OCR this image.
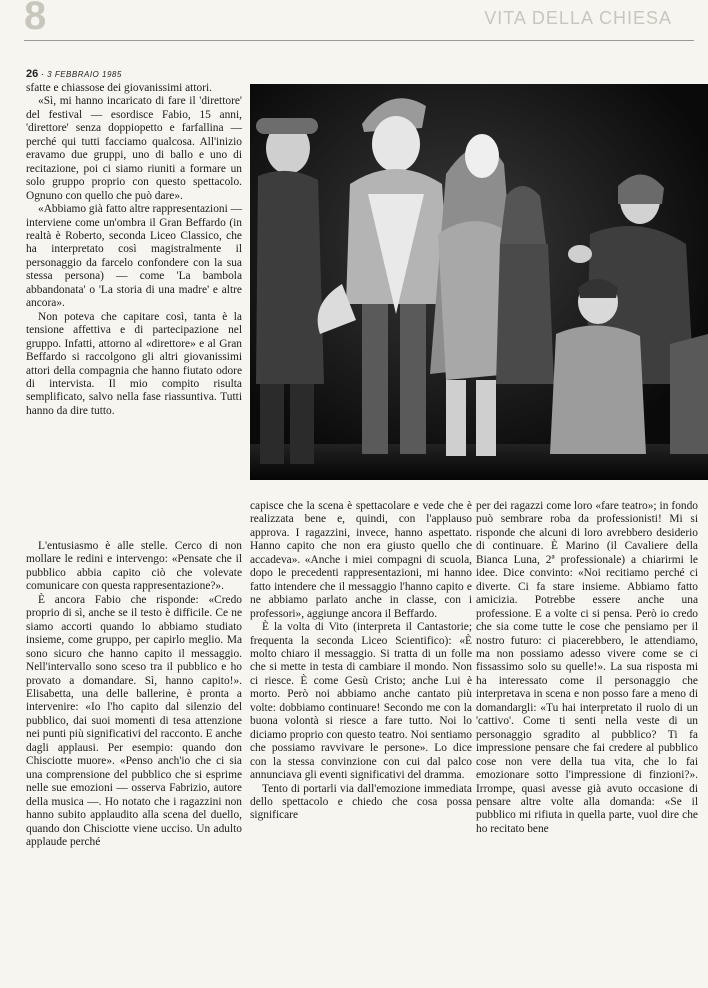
8	VITA DELLA CHIESA
26 · 3 FEBBRAIO 1985

sfatte e chiassose dei giovanissimi attori.

«Sì, mi hanno incaricato di fare il 'direttore' del festival — esordisce Fabio, 15 anni, 'direttore' senza doppiopetto e farfallina — perché qui tutti facciamo qualcosa. All'inizio eravamo due gruppi, uno di ballo e uno di recitazione, poi ci siamo riuniti a formare un solo gruppo proprio con questo spettacolo. Ognuno con quello che può dare».

«Abbiamo già fatto altre rappresentazioni — interviene come un'ombra il Gran Beffardo (in realtà è Roberto, seconda Liceo Classico, che ha interpretato così magistralmente il personaggio da farcelo confondere con la sua stessa persona) — come 'La bambola abbandonata' o 'La storia di una madre' e altre ancora».

Non poteva che capitare così, tanta è la tensione affettiva e di partecipazione nel gruppo. Infatti, attorno al «direttore» e al Gran Beffardo si raccolgono gli altri giovanissimi attori della compagnia che hanno fiutato odore di intervista. Il mio compito risulta semplificato, salvo nella fase riassuntiva. Tutti hanno da dire tutto.

L'entusiasmo è alle stelle. Cerco di non mollare le redini e intervengo: «Pensate che il pubblico abbia capito ciò che volevate comunicare con questa rappresentazione?».

È ancora Fabio che risponde: «Credo proprio di sì, anche se il testo è difficile. Ce ne siamo accorti quando lo abbiamo studiato insieme, come gruppo, per capirlo meglio. Ma sono sicuro che hanno capito il messaggio. Nell'intervallo sono sceso tra il pubblico e ho provato a domandare. Sì, hanno capito!». Elisabetta, una delle ballerine, è pronta a intervenire: «Io l'ho capito dal silenzio del pubblico, dai suoi momenti di tesa attenzione nei punti più significativi del racconto. E anche dagli applausi. Per esempio: quando don Chisciotte muore». «Penso anch'io che ci sia una comprensione del pubblico che si esprime nelle sue emozioni — osserva Fabrizio, autore della musica —. Ho notato che i ragazzini non hanno subito applaudito alla scena del duello, quando don Chisciotte viene ucciso. Un adulto applaude perché

capisce che la scena è spettacolare e vede che è realizzata bene e, quindi, con l'applauso approva. I ragazzini, invece, hanno aspettato. Hanno capito che non era giusto quello che accadeva». «Anche i miei compagni di scuola, dopo le precedenti rappresentazioni, mi hanno fatto intendere che il messaggio l'hanno capito e ne abbiamo parlato anche in classe, con i professori», aggiunge ancora il Beffardo.

È la volta di Vito (interpreta il Cantastorie; frequenta la seconda Liceo Scientifico): «È molto chiaro il messaggio. Si tratta di un folle che si mette in testa di cambiare il mondo. Non ci riesce. È come Gesù Cristo; anche Lui è morto. Però noi abbiamo anche cantato più volte: dobbiamo continuare! Secondo me con la buona volontà si riesce a fare tutto. Noi lo diciamo proprio con questo teatro. Noi sentiamo che possiamo ravvivare le persone». Lo dice con la stessa convinzione con cui dal palco annunciava gli eventi significativi del dramma.

Tento di portarli via dall'emozione immediata dello spettacolo e chiedo che cosa possa significare

per dei ragazzi come loro «fare teatro»; in fondo può sembrare roba da professionisti! Mi si risponde che alcuni di loro avrebbero desiderio di continuare. È Marino (il Cavaliere della Bianca Luna, 2ª professionale) a chiarirmi le idee. Dice convinto: «Noi recitiamo perché ci diverte. Ci fa stare insieme. Abbiamo fatto amicizia. Potrebbe essere anche una professione. E a volte ci si pensa. Però io credo che sia come tutte le cose che pensiamo per il nostro futuro: ci piacerebbero, le attendiamo, ma non possiamo adesso vivere come se ci fissassimo solo su quelle!». La sua risposta mi ha interessato come il personaggio che interpretava in scena e non posso fare a meno di domandargli: «Tu hai interpretato il ruolo di un 'cattivo'. Come ti senti nella veste di un personaggio sgradito al pubblico? Ti fa impressione pensare che fai credere al pubblico cose non vere della tua vita, che lo fai emozionare sotto l'impressione di finzioni?». Irrompe, quasi avesse già avuto occasione di pensare altre volte alla domanda: «Se il pubblico mi rifiuta in quella parte, vuol dire che ho recitato bene
